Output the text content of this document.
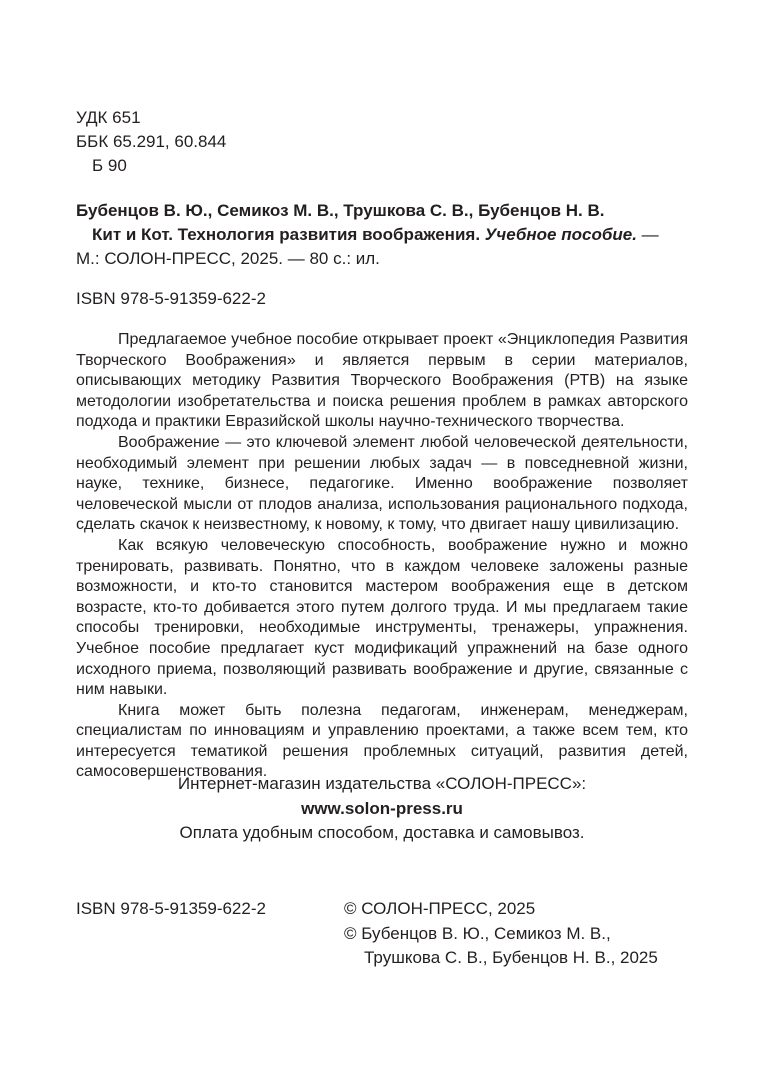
УДК 651
ББК 65.291, 60.844
Б 90
Бубенцов В. Ю., Семикоз М. В., Трушкова С. В., Бубенцов Н. В.
Кит и Кот. Технология развития воображения. Учебное пособие. —
М.: СОЛОН-ПРЕСС, 2025. — 80 с.: ил.
ISBN 978-5-91359-622-2

Предлагаемое учебное пособие открывает проект «Энциклопедия Развития Творческого Воображения» и является первым в серии материалов, описывающих методику Развития Творческого Воображения (РТВ) на языке методологии изобретательства и поиска решения проблем в рамках авторского подхода и практики Евразийской школы научно-технического творчества.

Воображение — это ключевой элемент любой человеческой деятельности, необходимый элемент при решении любых задач — в повседневной жизни, науке, технике, бизнесе, педагогике. Именно воображение позволяет человеческой мысли от плодов анализа, использования рационального подхода, сделать скачок к неизвестному, к новому, к тому, что двигает нашу цивилизацию.

Как всякую человеческую способность, воображение нужно и можно тренировать, развивать. Понятно, что в каждом человеке заложены разные возможности, и кто-то становится мастером воображения еще в детском возрасте, кто-то добивается этого путем долгого труда. И мы предлагаем такие способы тренировки, необходимые инструменты, тренажеры, упражнения. Учебное пособие предлагает куст модификаций упражнений на базе одного исходного приема, позволяющий развивать воображение и другие, связанные с ним навыки.

Книга может быть полезна педагогам, инженерам, менеджерам, специалистам по инновациям и управлению проектами, а также всем тем, кто интересуется тематикой решения проблемных ситуаций, развития детей, самосовершенствования.

Интернет-магазин издательства «СОЛОН-ПРЕСС»:
www.solon-press.ru
Оплата удобным способом, доставка и самовывоз.
ISBN 978-5-91359-622-2	© СОЛОН-ПРЕСС, 2025
© Бубенцов В. Ю., Семикоз М. В.,
Трушкова С. В., Бубенцов Н. В., 2025
